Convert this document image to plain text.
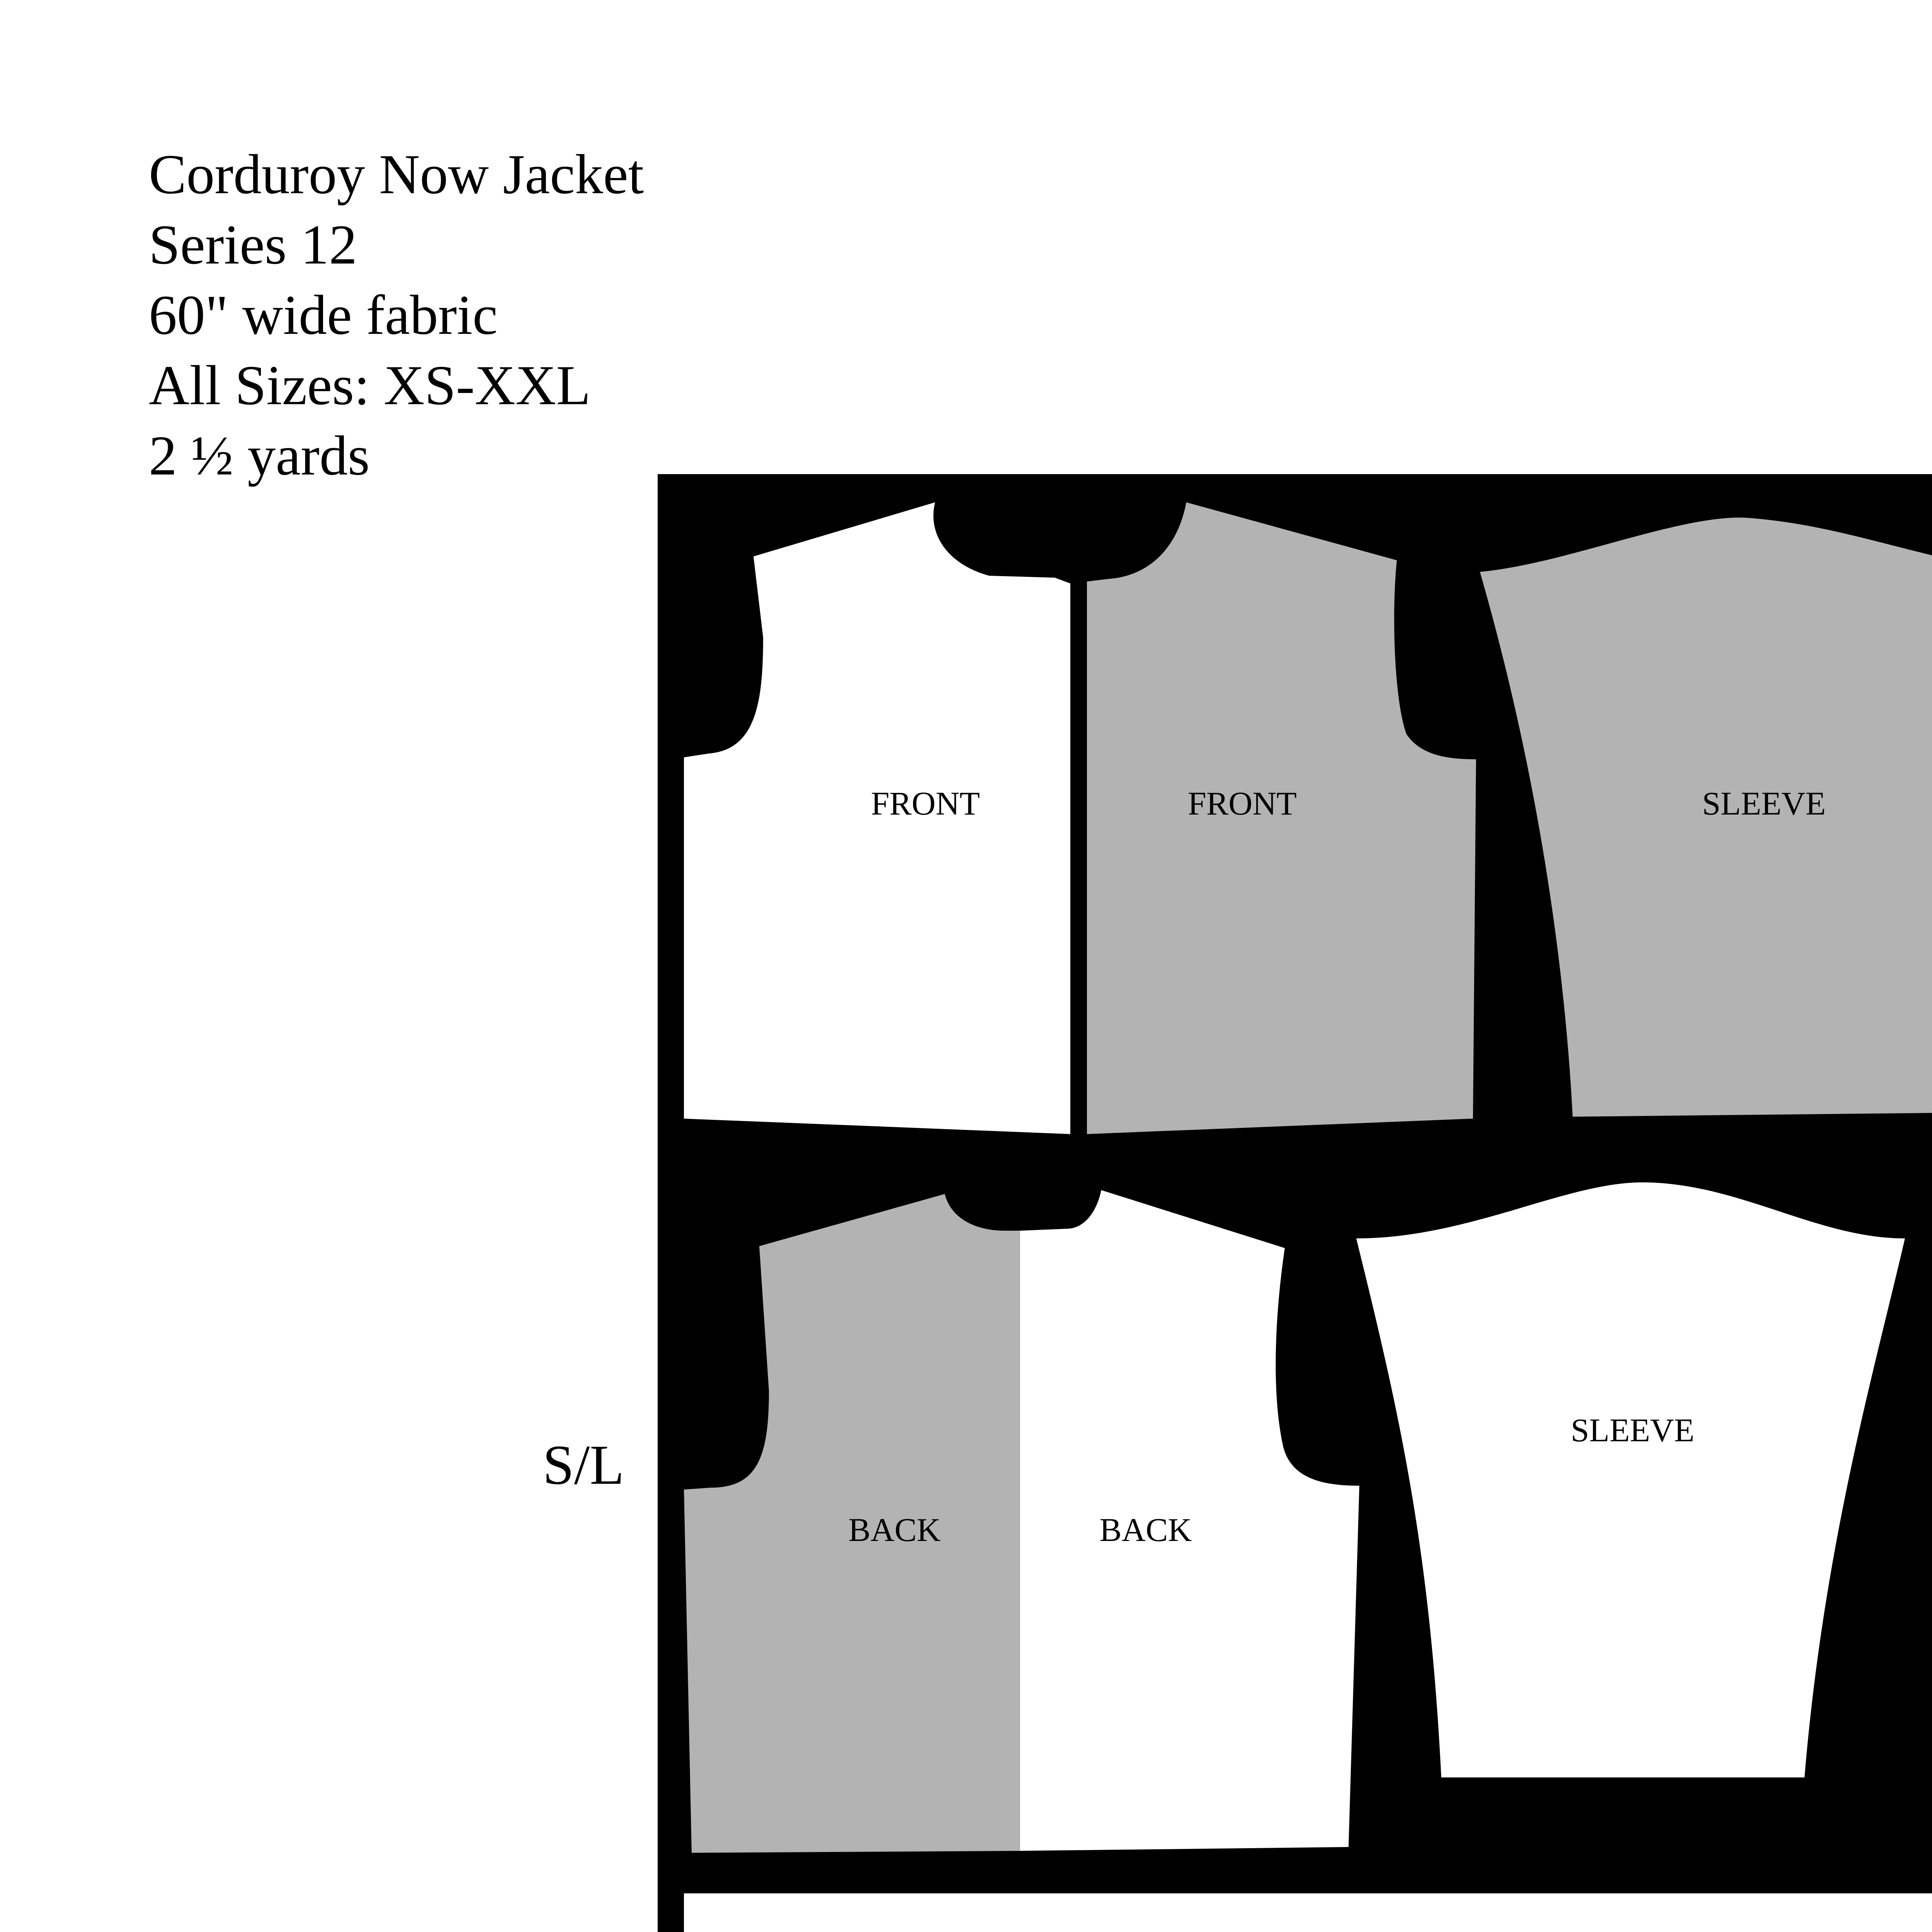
Corduroy Now Jacket
Series 12
60" wide fabric
All Sizes: XS-XXL
2 ½ yards
S/L
FRONT	FRONT	SLEEVE
BACK	BACK
SLEEVE
